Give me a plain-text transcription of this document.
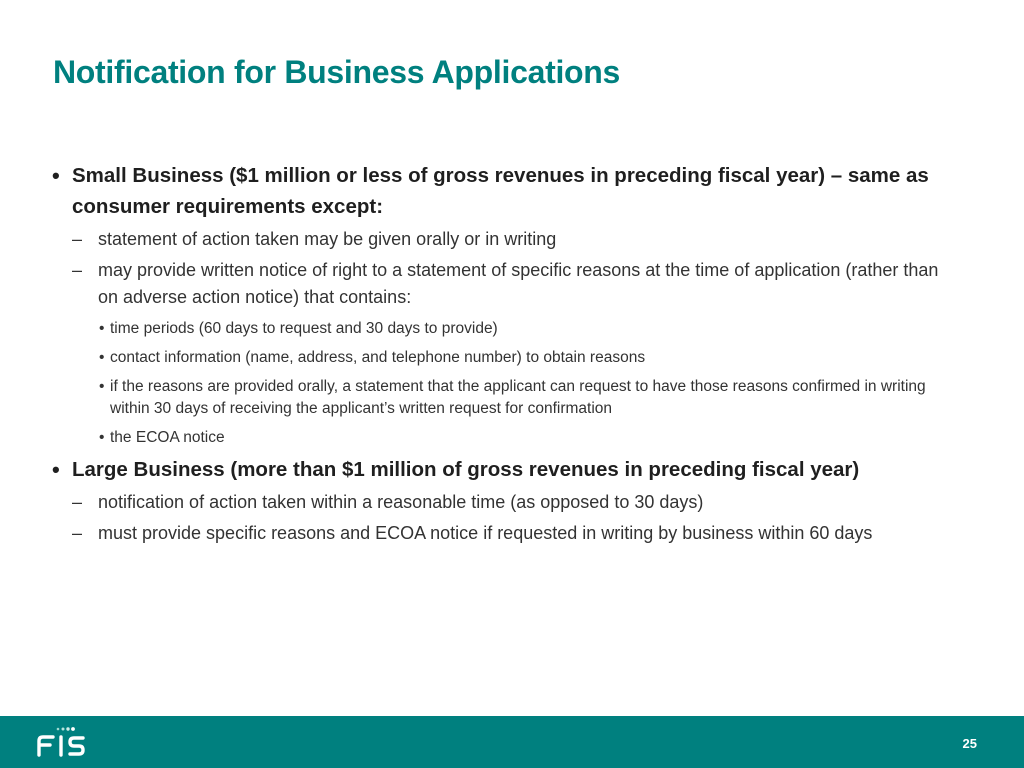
Notification for Business Applications
• Small Business ($1 million or less of gross revenues in preceding fiscal year) – same as consumer requirements except:
– statement of action taken may be given orally or in writing
– may provide written notice of right to a statement of specific reasons at the time of application (rather than on adverse action notice) that contains:
• time periods (60 days to request and 30 days to provide)
• contact information (name, address, and telephone number) to obtain reasons
• if the reasons are provided orally, a statement that the applicant can request to have those reasons confirmed in writing within 30 days of receiving the applicant’s written request for confirmation
• the ECOA notice
• Large Business (more than $1 million of gross revenues in preceding fiscal year)
– notification of action taken within a reasonable time (as opposed to 30 days)
– must provide specific reasons and ECOA notice if requested in writing by business within 60 days
25
